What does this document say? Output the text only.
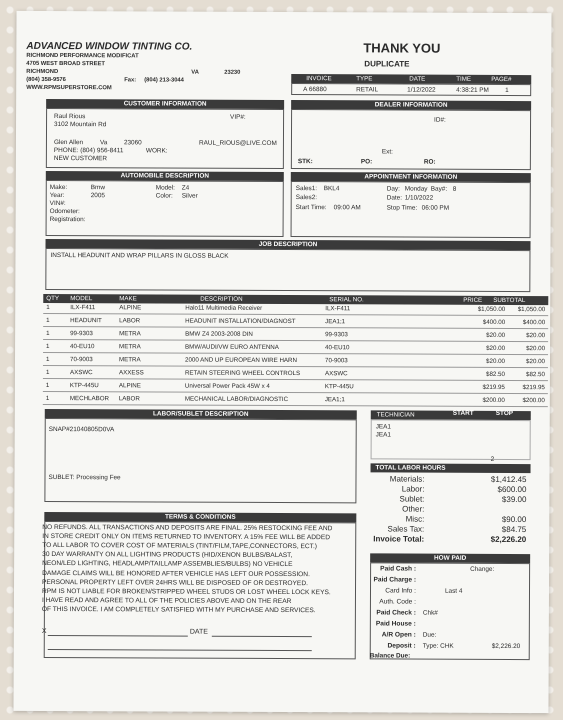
ADVANCED WINDOW TINTING CO.
RICHMOND PERFORMANCE MODIFICAT
4705 WEST BROAD STREET
RICHMOND	VA	23230
(804) 358-9576	Fax: (804) 213-3044
WWW.RPMSUPERSTORE.COM
THANK YOU
DUPLICATE
INVOICE	TYPE	DATE	TIME	PAGE#
A 66880	RETAIL	1/12/2022	4:38:21 PM	1
CUSTOMER INFORMATION
Raul Rious	VIP#:
3102 Mountain Rd
Glen Allen	Va	23060	RAUL_RIOUS@LIVE.COM
PHONE: (804) 956-8411	WORK:
NEW CUSTOMER
DEALER INFORMATION
ID#:
Ext:
STK:	PO:	RO:
AUTOMOBILE DESCRIPTION
Make:	Bmw	Model: Z4
Year:	2005	Color: Silver
VIN#:
Odometer:
Registration:
APPOINTMENT INFORMATION
Sales1: BKL4	Day: Monday Bay#: 8
Sales2:	Date: 1/10/2022
Start Time: 09:00 AM	Stop Time: 06:00 PM
JOB DESCRIPTION
INSTALL HEADUNIT AND WRAP PILLARS IN GLOSS BLACK
QTY MODEL	MAKE	DESCRIPTION	SERIAL NO.	PRICE SUBTOTAL
1	ILX-F411	ALPINE	Halo11 Multimedia Receiver	ILX-F411	$1,050.00	$1,050.00
1	HEADUNIT	LABOR	HEADUNIT INSTALLATION/DIAGNOST	JEA1;1	$400.00	$400.00
1	99-9303	METRA	BMW Z4 2003-2008 DIN	99-9303	$20.00	$20.00
1	40-EU10	METRA	BMW/AUDI/VW EURO ANTENNA	40-EU10	$20.00	$20.00
1	70-9003	METRA	2000 AND UP EUROPEAN WIRE HARN	70-9003	$20.00	$20.00
1	AXSWC	AXXESS	RETAIN STEERING WHEEL CONTROLS	AXSWC	$82.50	$82.50
1	KTP-445U	ALPINE	Universal Power Pack 45W x 4	KTP-445U	$219.95	$219.95
1	MECHLABOR	LABOR	MECHANICAL LABOR/DIAGNOSTIC	JEA1;1	$200.00	$200.00
LABOR/SUBLET DESCRIPTION
SNAP#21040805D0VA
SUBLET: Processing Fee
TECHNICIAN	START	STOP
JEA1
JEA1
TOTAL LABOR HOURS
2
Materials:	$1,412.45
Labor:	$600.00
Sublet:	$39.00
Other:
Misc:	$90.00
Sales Tax:	$84.75
Invoice Total:	$2,226.20
TERMS & CONDITIONS
NO REFUNDS. ALL TRANSACTIONS AND DEPOSITS ARE FINAL. 25% RESTOCKING FEE AND
IN STORE CREDIT ONLY ON ITEMS RETURNED TO INVENTORY. A 15% FEE WILL BE ADDED
TO ALL LABOR TO COVER COST OF MATERIALS (TINT/FILM,TAPE,CONNECTORS, ECT.)
30 DAY WARRANTY ON ALL LIGHTING PRODUCTS (HID/XENON BULBS/BALAST,
NEON/LED LIGHTING, HEADLAMP/TAILLAMP ASSEMBLIES/BULBS) NO VEHICLE
DAMAGE CLAIMS WILL BE HONORED AFTER VEHICLE HAS LEFT OUR POSSESSION.
PERSONAL PROPERTY LEFT OVER 24HRS WILL BE DISPOSED OF OR DESTROYED.
RPM IS NOT LIABLE FOR BROKEN/STRIPPED WHEEL STUDS OR LOST WHEEL LOCK KEYS.
I HAVE READ AND AGREE TO ALL OF THE POLICIES ABOVE AND ON THE REAR
OF THIS INVOICE. I AM COMPLETELY SATISFIED WITH MY PURCHASE AND SERVICES.
X	DATE
HOW PAID
Paid Cash :	Change:
Paid Charge :
Card Info :	Last 4
Auth. Code :
Paid Check : Chk#
Paid House :
A/R Open : Due:
Deposit : Type: CHK	$2,226.20
Balance Due:
